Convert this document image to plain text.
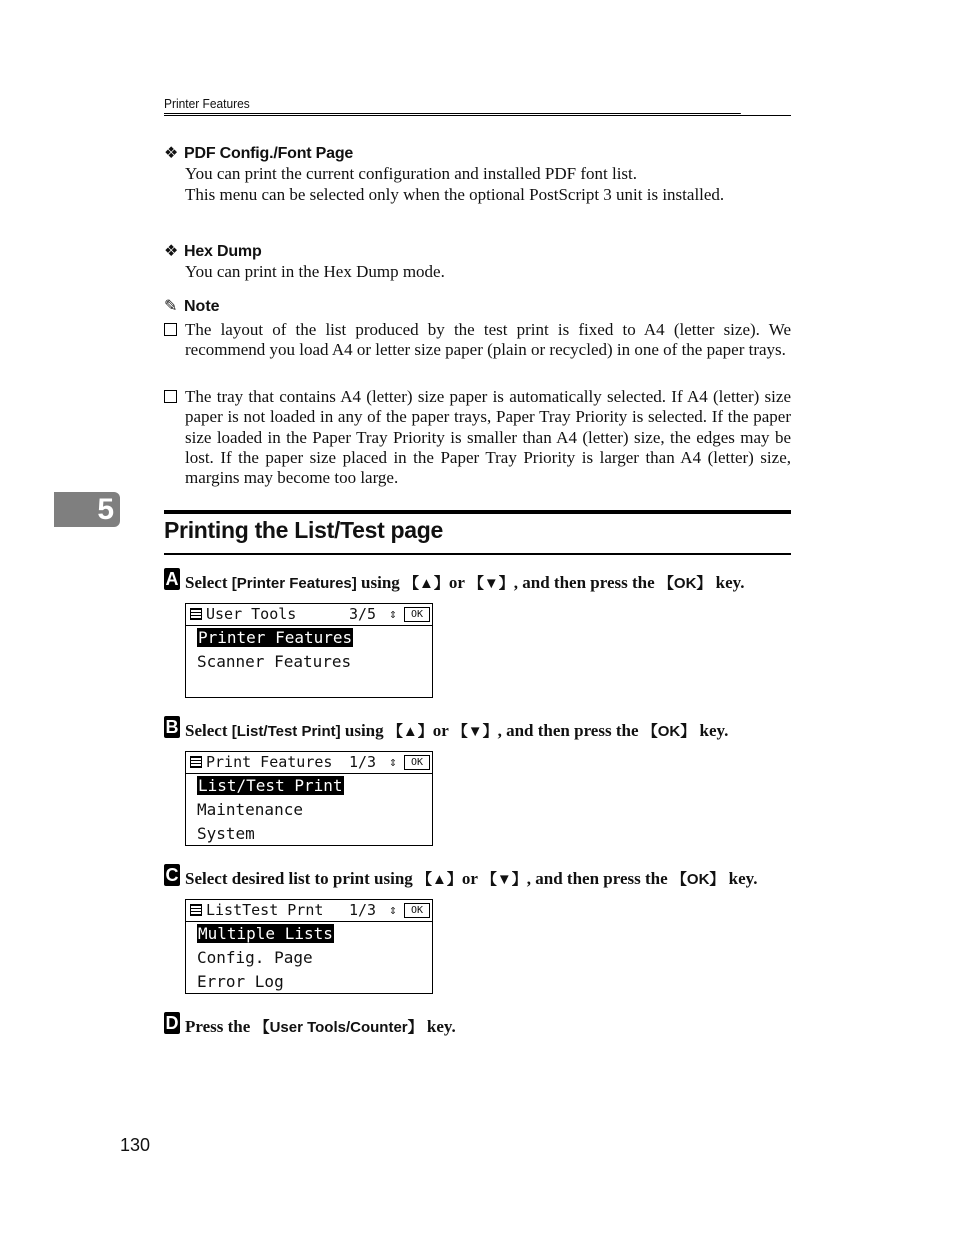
Printer Features
❖ PDF Config./Font Page
You can print the current configuration and installed PDF font list.
This menu can be selected only when the optional PostScript 3 unit is installed.
❖ Hex Dump
You can print in the Hex Dump mode.
✎ Note
The layout of the list produced by the test print is fixed to A4 (letter size). We recommend you load A4 or letter size paper (plain or recycled) in one of the paper trays.
The tray that contains A4 (letter) size paper is automatically selected. If A4 (letter) size paper is not loaded in any of the paper trays, Paper Tray Priority is selected. If the paper size loaded in the Paper Tray Priority is smaller than A4 (letter) size, the edges may be lost. If the paper size placed in the Paper Tray Priority is larger than A4 (letter) size, margins may become too large.
5
Printing the List/Test page
A Select [Printer Features] using 【▲】or 【▼】, and then press the 【OK】 key.
User Tools	3/5 ⇕	OK
Printer Features
Scanner Features
B Select [List/Test Print] using 【▲】or 【▼】, and then press the 【OK】 key.
Print Features 1/3 ⇕	OK
List/Test Print
Maintenance
System
C Select desired list to print using 【▲】or 【▼】, and then press the 【OK】 key.
ListTest Prnt 1/3 ⇕	OK
Multiple Lists
Config. Page
Error Log
D Press the 【User Tools/Counter】 key.
130
